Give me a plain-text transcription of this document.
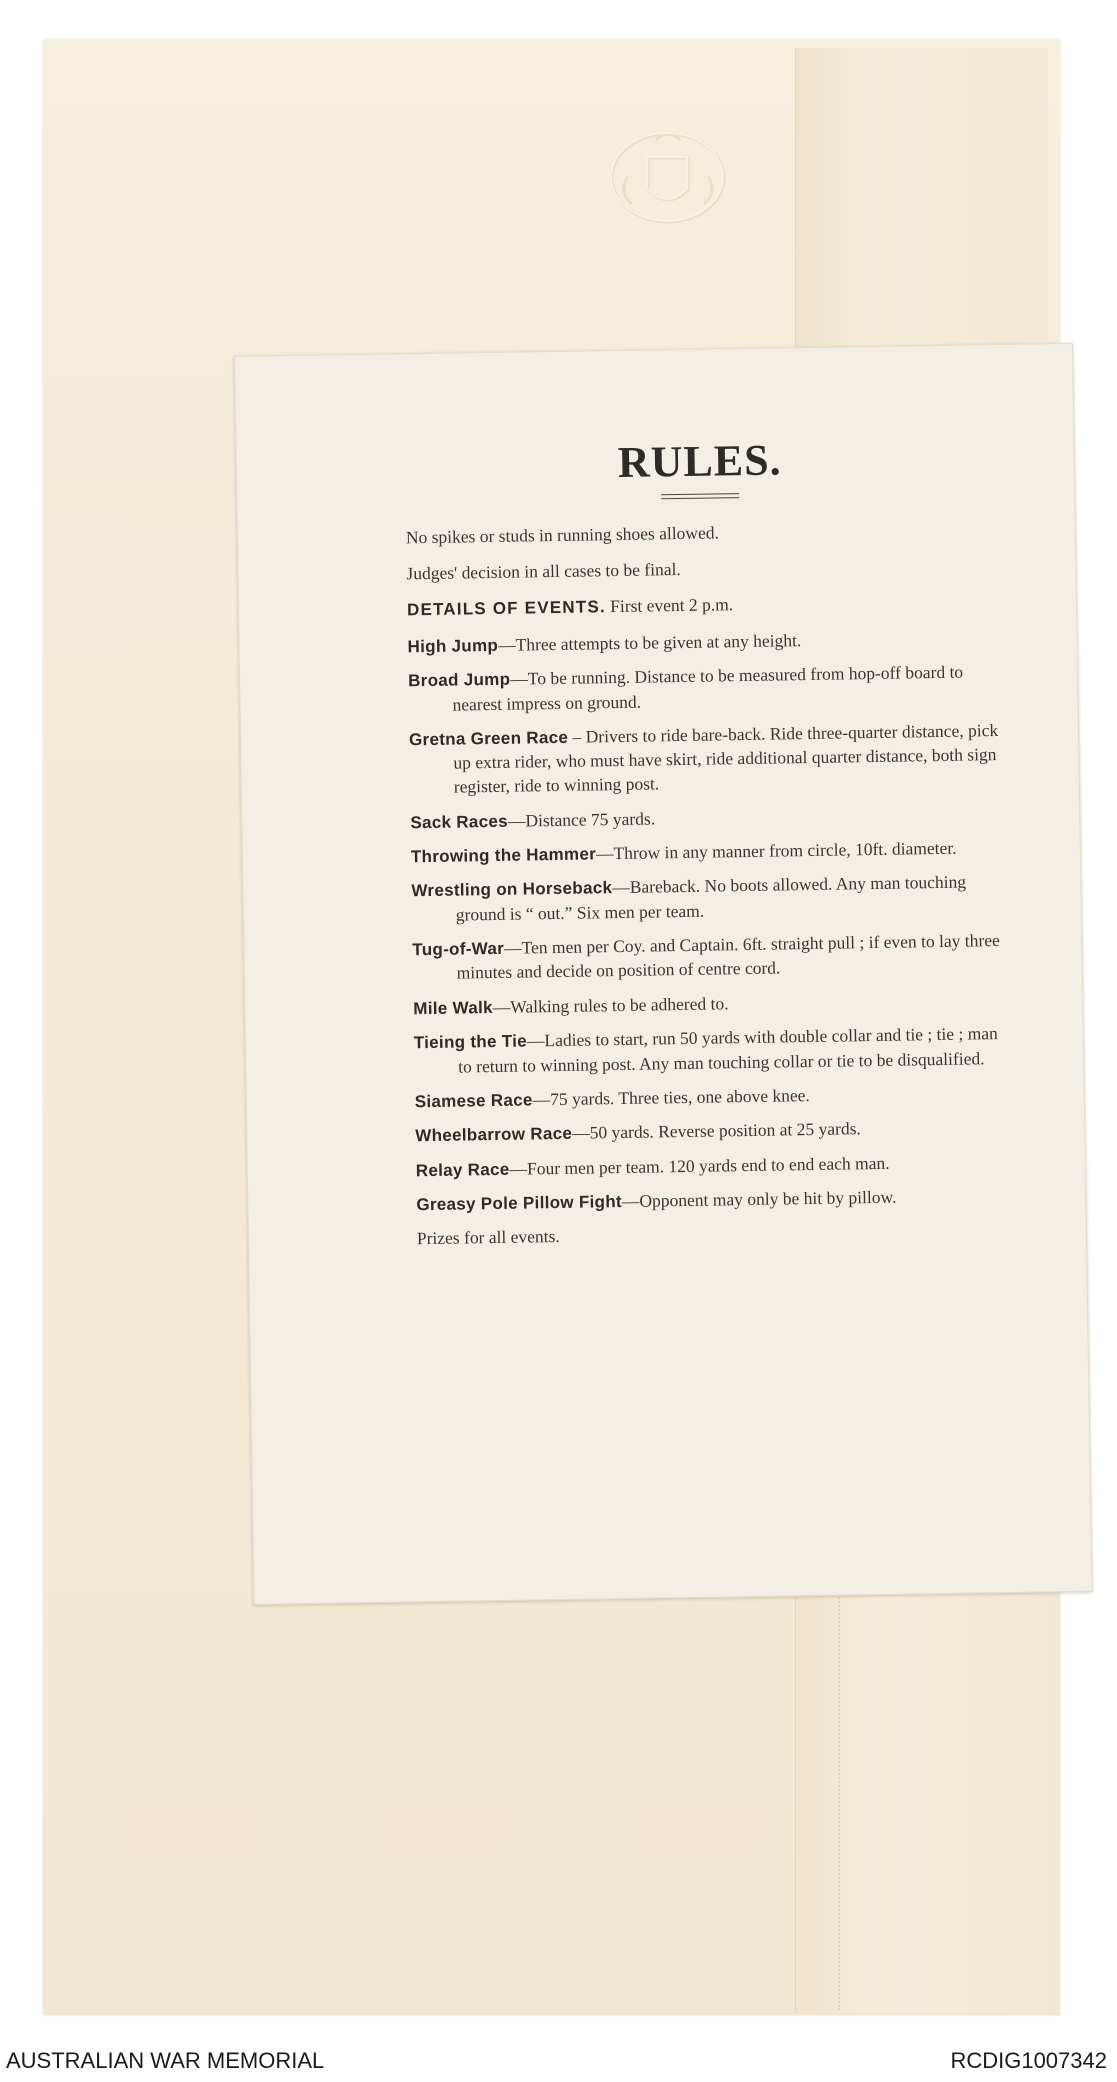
RULES.

No spikes or studs in running shoes allowed.

Judges' decision in all cases to be final.

DETAILS OF EVENTS. First event 2 p.m.

High Jump—Three attempts to be given at any height.

Broad Jump—To be running. Distance to be measured from hop-off board to nearest impress on ground.

Gretna Green Race – Drivers to ride bare-back. Ride three-quarter distance, pick up extra rider, who must have skirt, ride additional quarter distance, both sign register, ride to winning post.

Sack Races—Distance 75 yards.

Throwing the Hammer—Throw in any manner from circle, 10ft. diameter.

Wrestling on Horseback—Bareback. No boots allowed. Any man touching ground is “ out.” Six men per team.

Tug-of-War—Ten men per Coy. and Captain. 6ft. straight pull ; if even to lay three minutes and decide on position of centre cord.

Mile Walk—Walking rules to be adhered to.

Tieing the Tie—Ladies to start, run 50 yards with double collar and tie ; tie ; man to return to winning post. Any man touching collar or tie to be disqualified.

Siamese Race—75 yards. Three ties, one above knee.

Wheelbarrow Race—50 yards. Reverse position at 25 yards.

Relay Race—Four men per team. 120 yards end to end each man.

Greasy Pole Pillow Fight—Opponent may only be hit by pillow.

Prizes for all events.

AUSTRALIAN WAR MEMORIAL	RCDIG1007342
